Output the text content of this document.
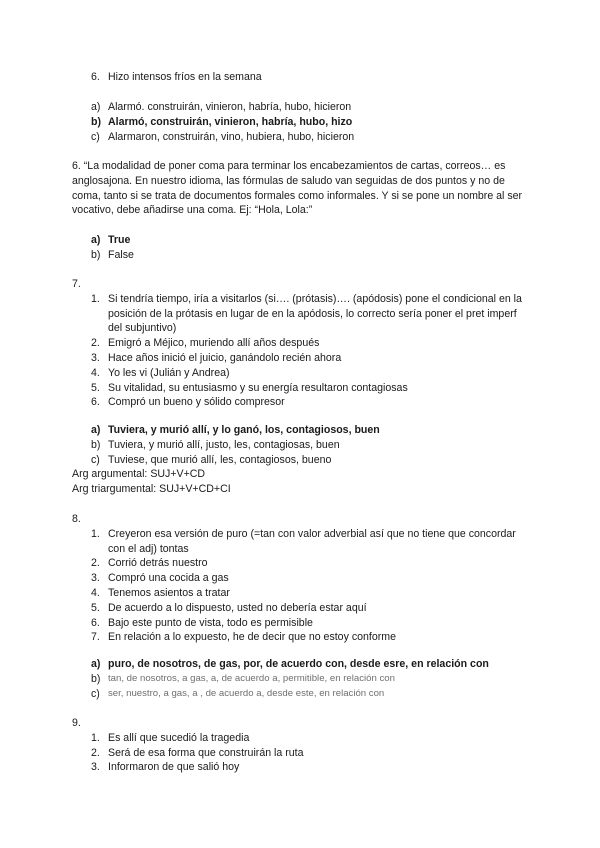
6. Hizo intensos fríos en la semana
a) Alarmó. construirán, vinieron, habría, hubo, hicieron
b) Alarmó, construirán, vinieron, habría, hubo, hizo
c) Alarmaron, construirán, vino, hubiera, hubo, hicieron
6. “La modalidad de poner coma para terminar los encabezamientos de cartas, correos… es anglosajona. En nuestro idioma, las fórmulas de saludo van seguidas de dos puntos y no de coma, tanto si se trata de documentos formales como informales. Y si se pone un nombre al ser vocativo, debe añadirse una coma. Ej: “Hola, Lola:”
a) True
b) False
7.
1. Si tendría tiempo, iría a visitarlos (si…. (prótasis)…. (apódosis) pone el condicional en la posición de la prótasis en lugar de en la apódosis, lo correcto sería poner el pret imperf del subjuntivo)
2. Emigró a Méjico, muriendo allí años después
3. Hace años inició el juicio, ganándolo recién ahora
4. Yo les vi (Julián y Andrea)
5. Su vitalidad, su entusiasmo y su energía resultaron contagiosas
6. Compró un bueno y sólido compresor
a) Tuviera, y murió allí, y lo ganó, los, contagiosos, buen
b) Tuviera, y murió allí, justo, les, contagiosas, buen
c) Tuviese, que murió allí, les, contagiosos, bueno
Arg argumental: SUJ+V+CD
Arg triargumental: SUJ+V+CD+CI
8.
1. Creyeron esa versión de puro (=tan con valor adverbial así que no tiene que concordar con el adj) tontas
2. Corrió detrás nuestro
3. Compró una cocida a gas
4. Tenemos asientos a tratar
5. De acuerdo a lo dispuesto, usted no debería estar aquí
6. Bajo este punto de vista, todo es permisible
7. En relación a lo expuesto, he de decir que no estoy conforme
a) puro, de nosotros, de gas, por, de acuerdo con, desde esre, en relación con
b) tan, de nosotros, a gas, a, de acuerdo a, permitible, en relación con
c) ser, nuestro, a gas, a , de acuerdo a, desde este, en relación con
9.
1. Es allí que sucedió la tragedia
2. Será de esa forma que construirán la ruta
3. Informaron de que salió hoy
